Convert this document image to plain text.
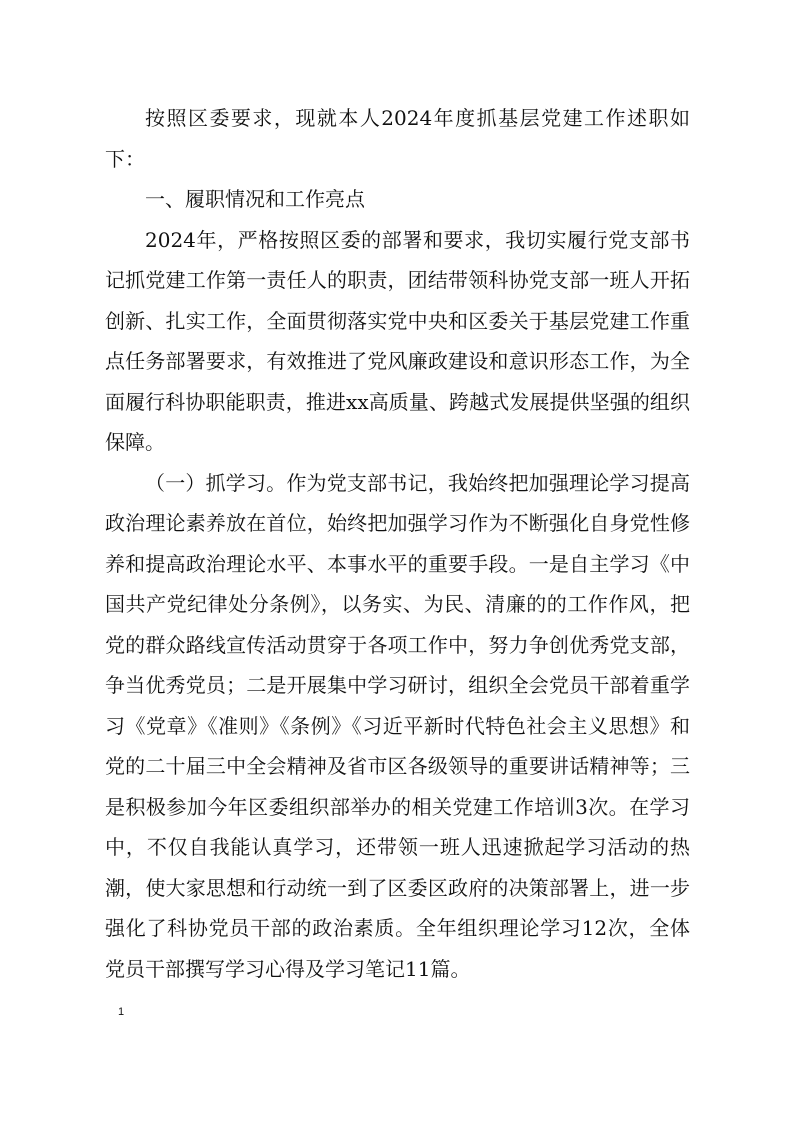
按照区委要求，现就本人2024年度抓基层党建工作述职如下：

一、履职情况和工作亮点

2024年，严格按照区委的部署和要求，我切实履行党支部书记抓党建工作第一责任人的职责，团结带领科协党支部一班人开拓创新、扎实工作，全面贯彻落实党中央和区委关于基层党建工作重点任务部署要求，有效推进了党风廉政建设和意识形态工作，为全面履行科协职能职责，推进xx高质量、跨越式发展提供坚强的组织保障。

（一）抓学习。作为党支部书记，我始终把加强理论学习提高政治理论素养放在首位，始终把加强学习作为不断强化自身党性修养和提高政治理论水平、本事水平的重要手段。一是自主学习《中国共产党纪律处分条例》，以务实、为民、清廉的的工作作风，把党的群众路线宣传活动贯穿于各项工作中，努力争创优秀党支部，争当优秀党员；二是开展集中学习研讨，组织全会党员干部着重学习《党章》《准则》《条例》《习近平新时代特色社会主义思想》和党的二十届三中全会精神及省市区各级领导的重要讲话精神等；三是积极参加今年区委组织部举办的相关党建工作培训3次。在学习中，不仅自我能认真学习，还带领一班人迅速掀起学习活动的热潮，使大家思想和行动统一到了区委区政府的决策部署上，进一步强化了科协党员干部的政治素质。全年组织理论学习12次，全体党员干部撰写学习心得及学习笔记11篇。

1
